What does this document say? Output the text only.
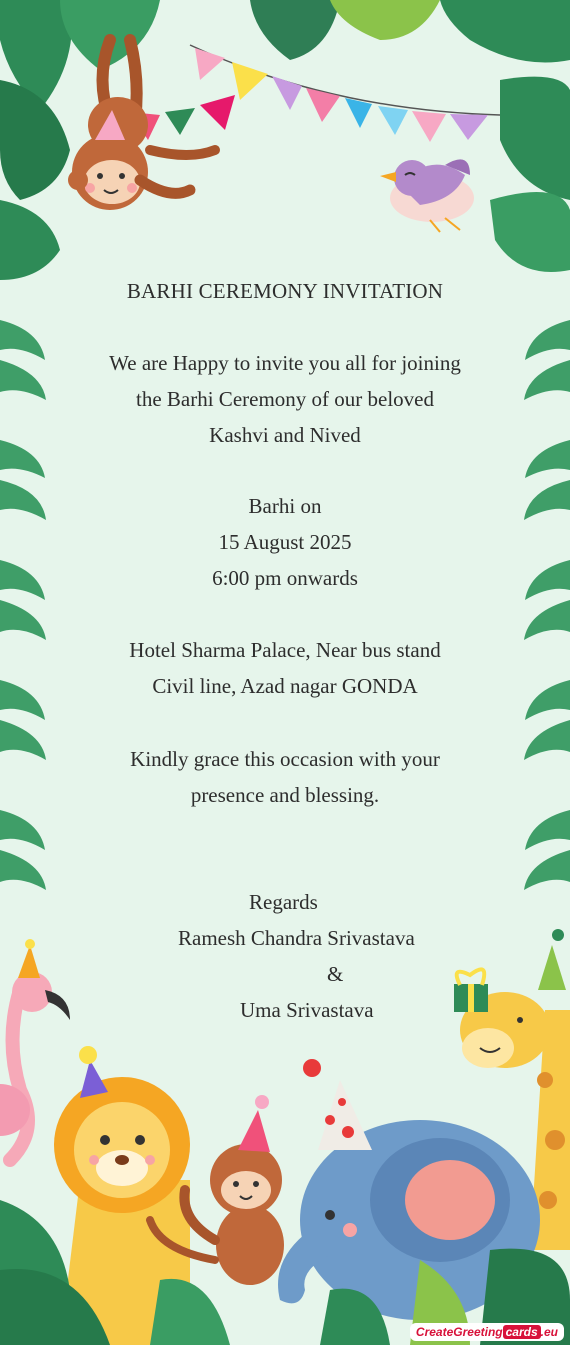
BARHI CEREMONY INVITATION
We are Happy to invite you all for joining
the Barhi Ceremony of our beloved
Kashvi and Nived
Barhi on
15 August 2025
6:00 pm onwards
Hotel Sharma Palace, Near bus stand
Civil line, Azad nagar GONDA
Kindly grace this occasion with your
presence and blessing.
Regards
Ramesh Chandra Srivastava
&
Uma Srivastava
CreateGreeting cards .eu
